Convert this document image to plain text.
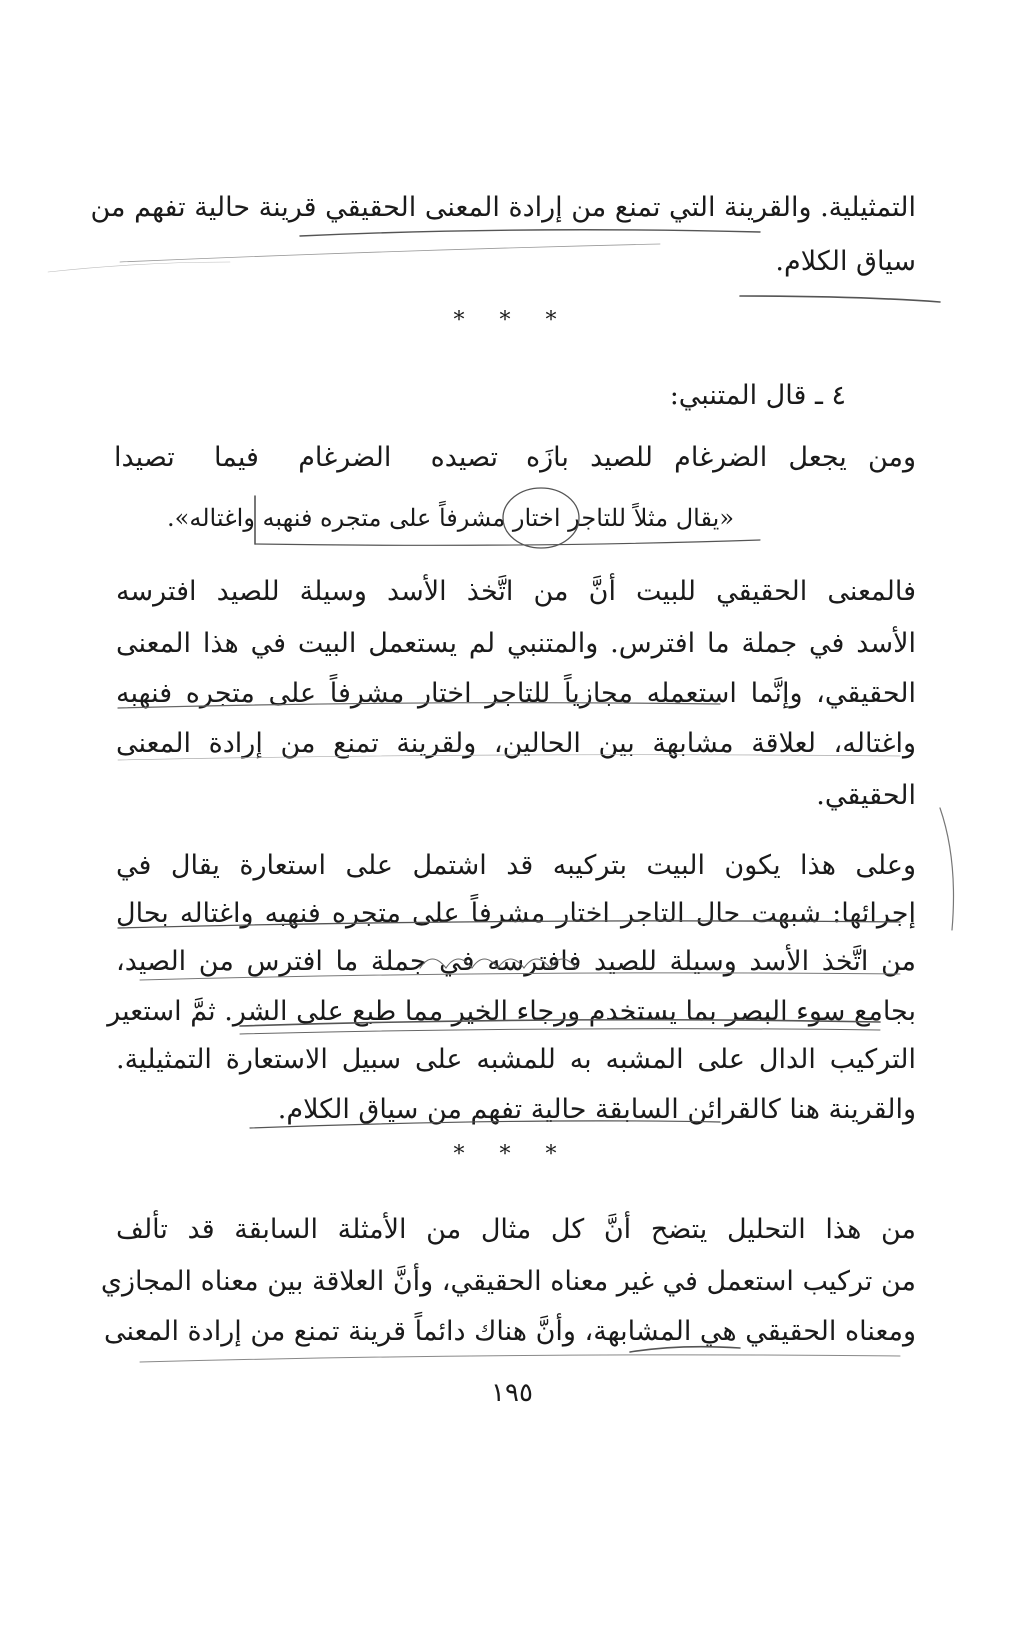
التمثيلية. والقرينة التي تمنع من إرادة المعنى الحقيقي قرينة حالية تفهم من
سياق الكلام.
* * *
٤ ـ قال المتنبي:
ومن يجعل الضرغام للصيد بازَه
تصيده الضرغام فيما تصيدا
«يقال مثلاً للتاجر اختار مشرفاً على متجره فنهبه واغتاله».
فالمعنى الحقيقي للبيت أنَّ من اتَّخذ الأسد وسيلة للصيد افترسه
الأسد في جملة ما افترس. والمتنبي لم يستعمل البيت في هذا المعنى
الحقيقي، وإنَّما استعمله مجازياً للتاجر اختار مشرفاً على متجره فنهبه
واغتاله، لعلاقة مشابهة بين الحالين، ولقرينة تمنع من إرادة المعنى
الحقيقي.
وعلى هذا يكون البيت بتركيبه قد اشتمل على استعارة يقال في
إجرائها: شبهت حال التاجر اختار مشرفاً على متجره فنهبه واغتاله بحال
من اتَّخذ الأسد وسيلة للصيد فافترسه في جملة ما افترس من الصيد،
بجامع سوء البصر بما يستخدم ورجاء الخير مما طبع على الشر. ثمَّ استعير
التركيب الدال على المشبه به للمشبه على سبيل الاستعارة التمثيلية.
والقرينة هنا كالقرائن السابقة حالية تفهم من سياق الكلام.
* * *
من هذا التحليل يتضح أنَّ كل مثال من الأمثلة السابقة قد تألف
من تركيب استعمل في غير معناه الحقيقي، وأنَّ العلاقة بين معناه المجازي
ومعناه الحقيقي هي المشابهة، وأنَّ هناك دائماً قرينة تمنع من إرادة المعنى
١٩٥
